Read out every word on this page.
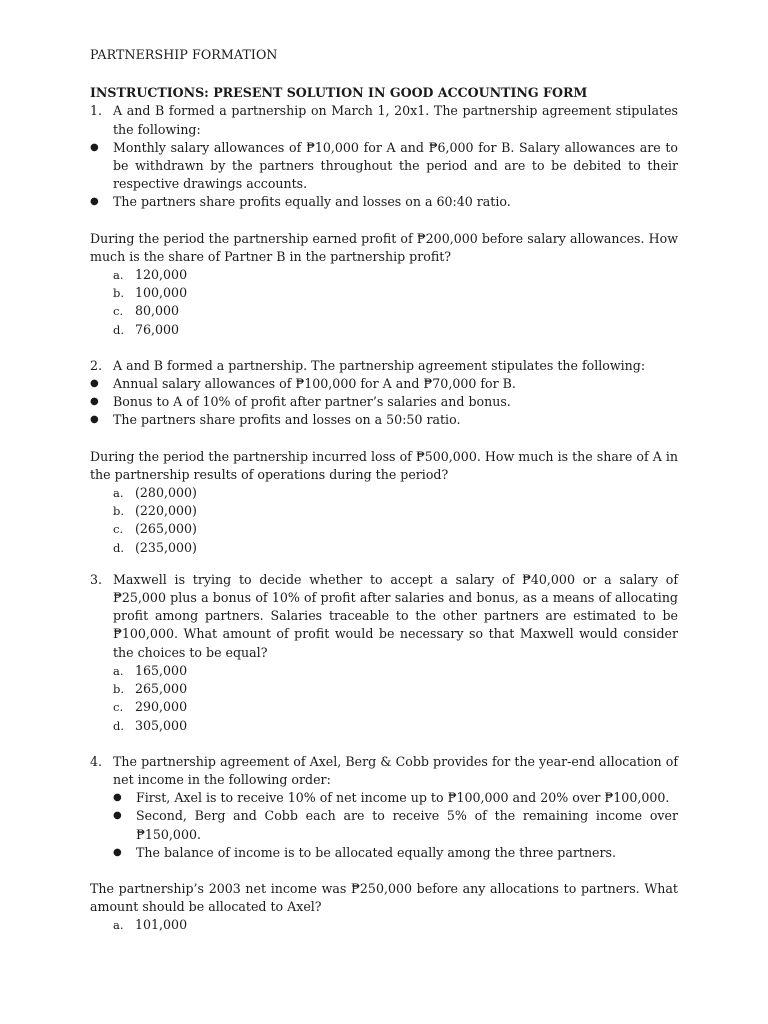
PARTNERSHIP FORMATION
INSTRUCTIONS: PRESENT SOLUTION IN GOOD ACCOUNTING FORM
1. A and B formed a partnership on March 1, 20x1. The partnership agreement stipulates the following:
●	Monthly salary allowances of ₱10,000 for A and ₱6,000 for B. Salary allowances are to be withdrawn by the partners throughout the period and are to be debited to their respective drawings accounts.
●	The partners share profits equally and losses on a 60:40 ratio.

During the period the partnership earned profit of ₱200,000 before salary allowances. How much is the share of Partner B in the partnership profit?

a. 120,000
b. 100,000
c. 80,000
d. 76,000
2. A and B formed a partnership. The partnership agreement stipulates the following:
●	Annual salary allowances of ₱100,000 for A and ₱70,000 for B.
●	Bonus to A of 10% of profit after partner’s salaries and bonus.
●	The partners share profits and losses on a 50:50 ratio.

During the period the partnership incurred loss of ₱500,000. How much is the share of A in the partnership results of operations during the period?

a. (280,000)
b. (220,000)
c. (265,000)
d. (235,000)
3. Maxwell is trying to decide whether to accept a salary of ₱40,000 or a salary of ₱25,000 plus a bonus of 10% of profit after salaries and bonus, as a means of allocating profit among partners. Salaries traceable to the other partners are estimated to be ₱100,000. What amount of profit would be necessary so that Maxwell would consider the choices to be equal?
a. 165,000
b. 265,000
c. 290,000
d. 305,000
4. The partnership agreement of Axel, Berg & Cobb provides for the year-end allocation of net income in the following order:
●	First, Axel is to receive 10% of net income up to ₱100,000 and 20% over ₱100,000.
●	Second, Berg and Cobb each are to receive 5% of the remaining income over ₱150,000.
●	The balance of income is to be allocated equally among the three partners.

The partnership’s 2003 net income was ₱250,000 before any allocations to partners. What amount should be allocated to Axel?

a. 101,000
